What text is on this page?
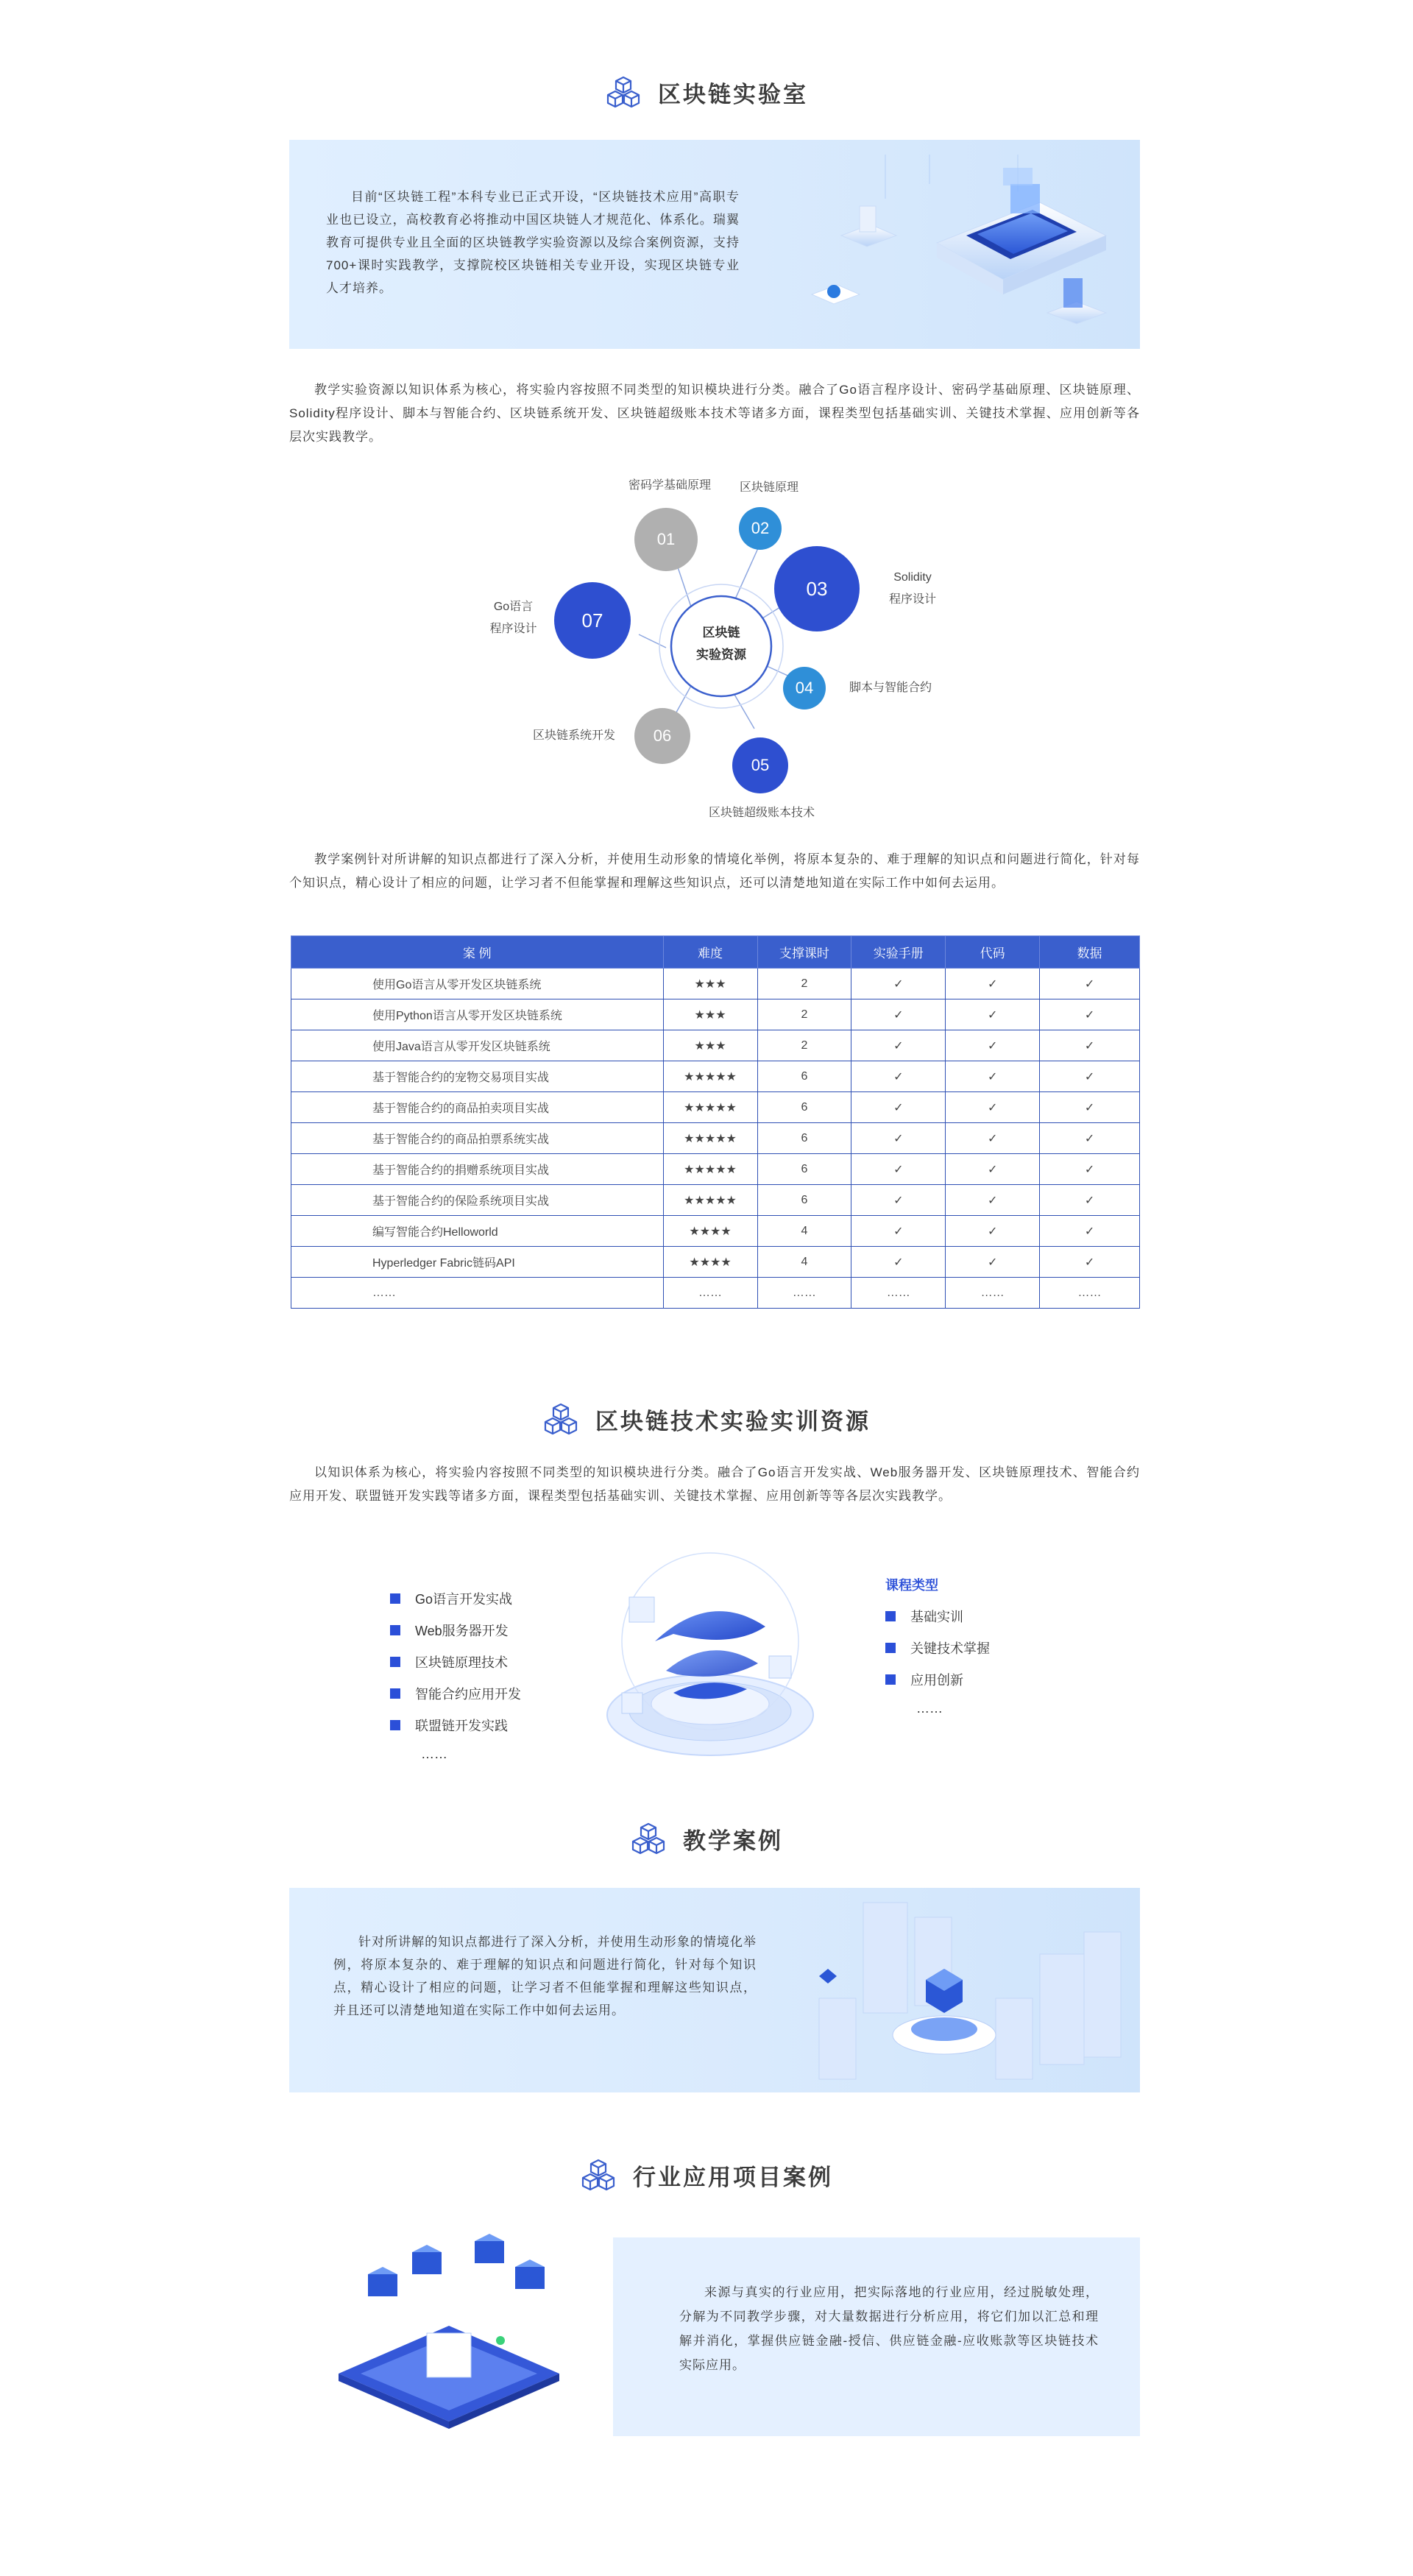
区块链实验室

目前“区块链工程”本科专业已正式开设，“区块链技术应用”高职专业也已设立，高校教育必将推动中国区块链人才规范化、体系化。瑞翼教育可提供专业且全面的区块链教学实验资源以及综合案例资源，支持700+课时实践教学，支撑院校区块链相关专业开设，实现区块链专业人才培养。

教学实验资源以知识体系为核心，将实验内容按照不同类型的知识模块进行分类。融合了Go语言程序设计、密码学基础原理、区块链原理、Solidity程序设计、脚本与智能合约、区块链系统开发、区块链超级账本技术等诸多方面，课程类型包括基础实训、关键技术掌握、应用创新等各层次实践教学。

区块链
实验资源
01
密码学基础原理
02
区块链原理
03	Solidity
程序设计
04	脚本与智能合约
05
区块链超级账本技术
06
区块链系统开发
07
Go语言
程序设计

教学案例针对所讲解的知识点都进行了深入分析，并使用生动形象的情境化举例，将原本复杂的、难于理解的知识点和问题进行简化，针对每个知识点，精心设计了相应的问题，让学习者不但能掌握和理解这些知识点，还可以清楚地知道在实际工作中如何去运用。

案 例	难度	支撑课时	实验手册	代码	数据
使用Go语言从零开发区块链系统	★★★	2	✓	✓	✓
使用Python语言从零开发区块链系统	★★★	2	✓	✓	✓
使用Java语言从零开发区块链系统	★★★	2	✓	✓	✓
基于智能合约的宠物交易项目实战	★★★★★	6	✓	✓	✓
基于智能合约的商品拍卖项目实战	★★★★★	6	✓	✓	✓
基于智能合约的商品拍票系统实战	★★★★★	6	✓	✓	✓
基于智能合约的捐赠系统项目实战	★★★★★	6	✓	✓	✓
基于智能合约的保险系统项目实战	★★★★★	6	✓	✓	✓
编写智能合约Helloworld	★★★★	4	✓	✓	✓
Hyperledger Fabric链码API	★★★★	4	✓	✓	✓
……	……	……	……	……	……
区块链技术实验实训资源

以知识体系为核心，将实验内容按照不同类型的知识模块进行分类。融合了Go语言开发实战、Web服务器开发、区块链原理技术、智能合约应用开发、联盟链开发实践等诸多方面，课程类型包括基础实训、关键技术掌握、应用创新等等各层次实践教学。

Go语言开发实战
Web服务器开发
区块链原理技术
智能合约应用开发
联盟链开发实践
……
课程类型
基础实训
关键技术掌握
应用创新
……
教学案例

针对所讲解的知识点都进行了深入分析，并使用生动形象的情境化举例，将原本复杂的、难于理解的知识点和问题进行简化，针对每个知识点，精心设计了相应的问题，让学习者不但能掌握和理解这些知识点，并且还可以清楚地知道在实际工作中如何去运用。

行业应用项目案例

来源与真实的行业应用，把实际落地的行业应用，经过脱敏处理，分解为不同教学步骤，对大量数据进行分析应用，将它们加以汇总和理解并消化，掌握供应链金融-授信、供应链金融-应收账款等区块链技术实际应用。
